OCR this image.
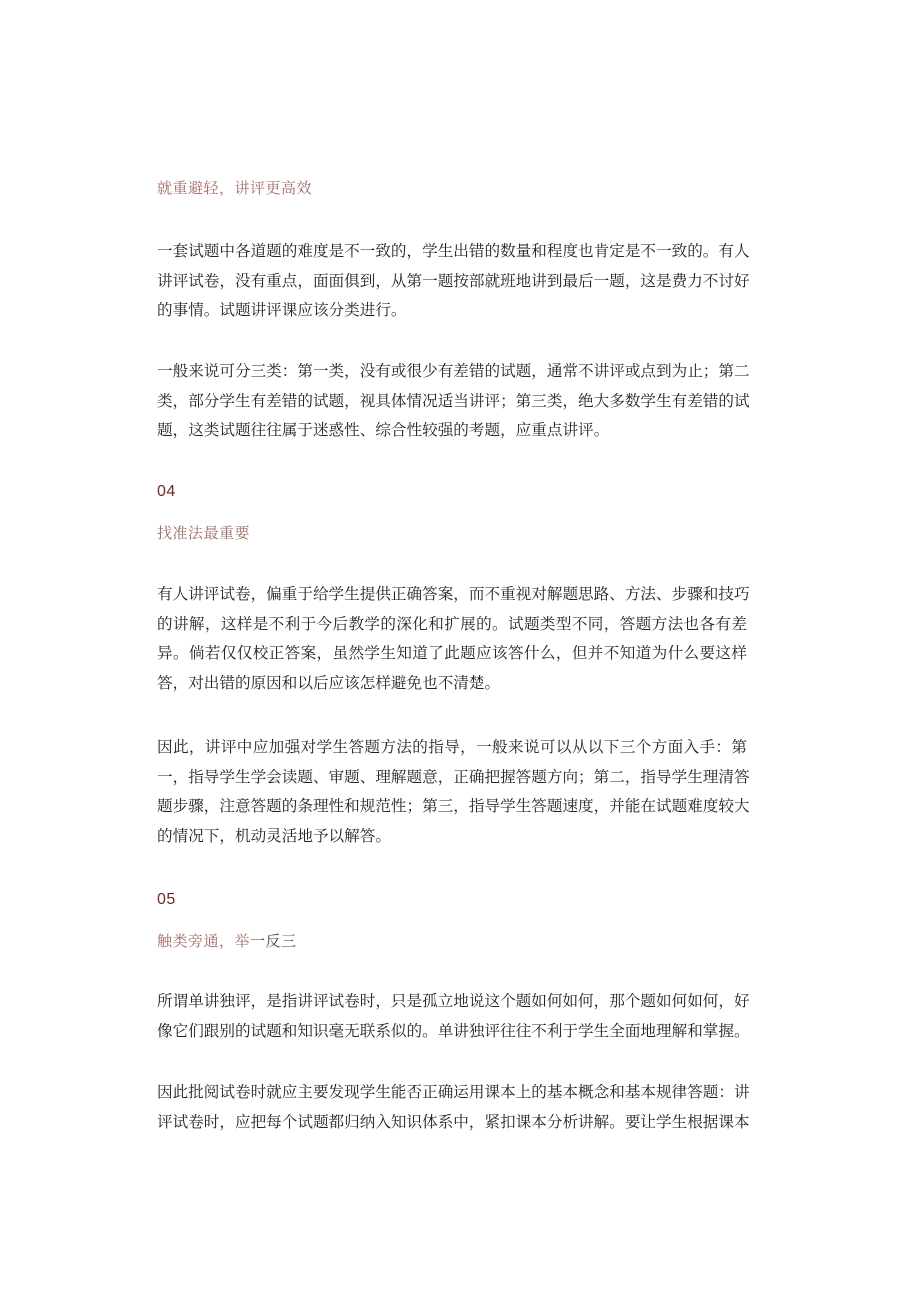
就重避轻，讲评更高效

一套试题中各道题的难度是不一致的，学生出错的数量和程度也肯定是不一致的。有人
讲评试卷，没有重点，面面俱到，从第一题按部就班地讲到最后一题，这是费力不讨好
的事情。试题讲评课应该分类进行。

一般来说可分三类：第一类，没有或很少有差错的试题，通常不讲评或点到为止；第二
类，部分学生有差错的试题，视具体情况适当讲评；第三类，绝大多数学生有差错的试
题，这类试题往往属于迷惑性、综合性较强的考题，应重点讲评。

04
找准法最重要

有人讲评试卷，偏重于给学生提供正确答案，而不重视对解题思路、方法、步骤和技巧
的讲解，这样是不利于今后教学的深化和扩展的。试题类型不同，答题方法也各有差
异。倘若仅仅校正答案，虽然学生知道了此题应该答什么，但并不知道为什么要这样
答，对出错的原因和以后应该怎样避免也不清楚。

因此，讲评中应加强对学生答题方法的指导，一般来说可以从以下三个方面入手：第
一，指导学生学会读题、审题、理解题意，正确把握答题方向；第二，指导学生理清答
题步骤，注意答题的条理性和规范性；第三，指导学生答题速度，并能在试题难度较大
的情况下，机动灵活地予以解答。

05
触类旁通，举一反三

所谓单讲独评，是指讲评试卷时，只是孤立地说这个题如何如何，那个题如何如何，好
像它们跟别的试题和知识毫无联系似的。单讲独评往往不利于学生全面地理解和掌握。

因此批阅试卷时就应主要发现学生能否正确运用课本上的基本概念和基本规律答题：讲
评试卷时，应把每个试题都归纳入知识体系中，紧扣课本分析讲解。要让学生根据课本
